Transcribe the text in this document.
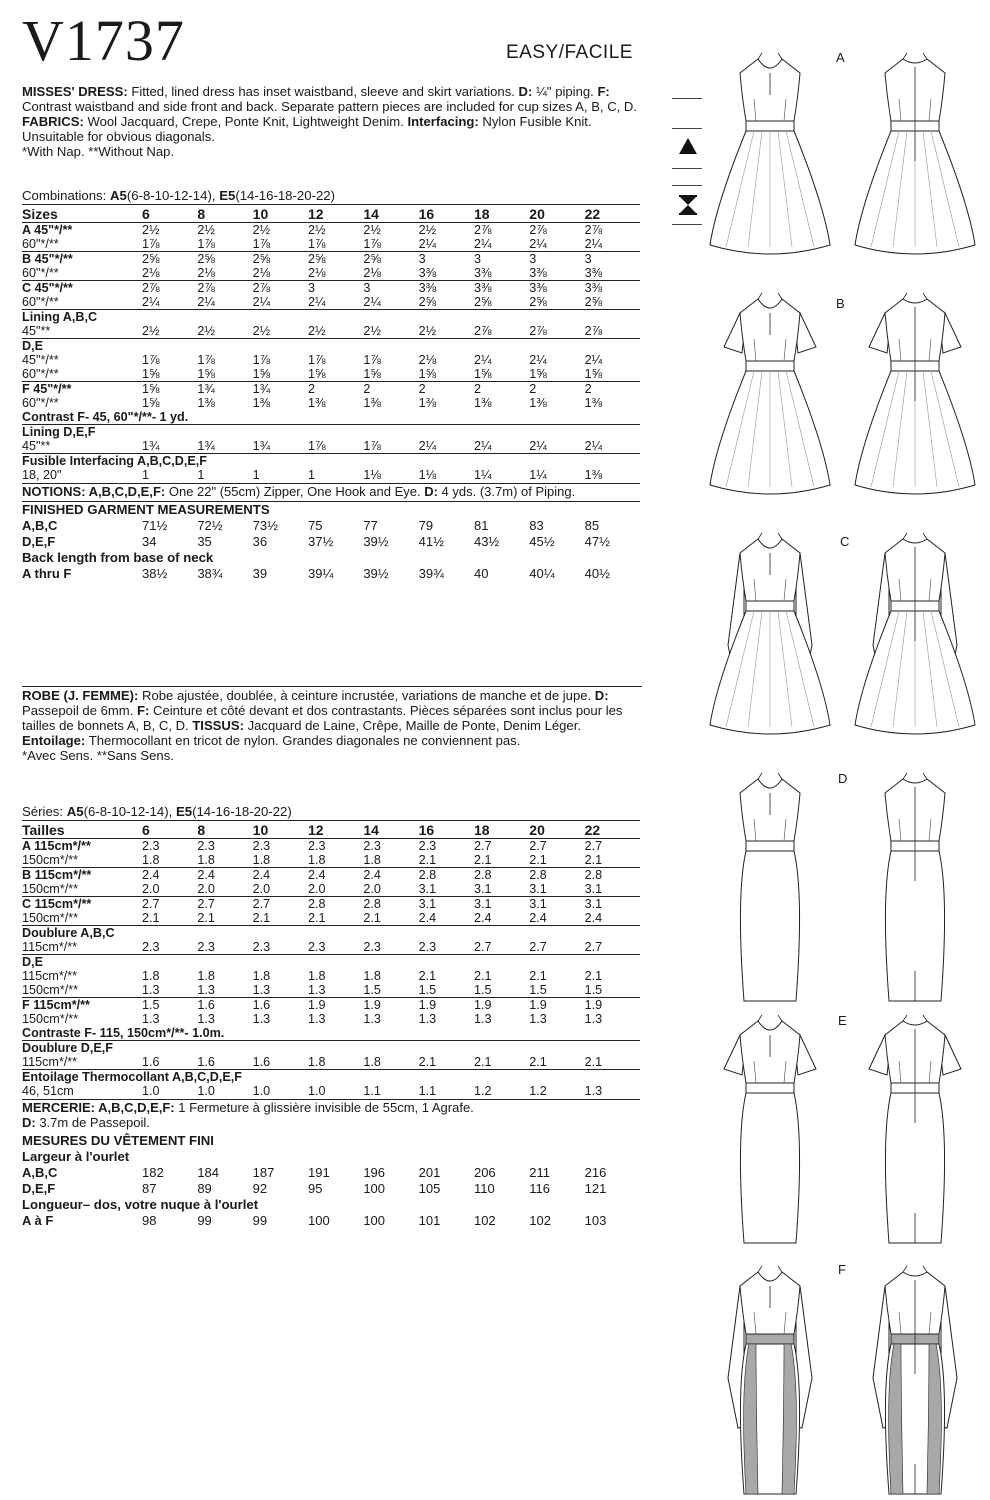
V1737	EASY/FACILE
MISSES' DRESS: Fitted, lined dress has inset waistband, sleeve and skirt variations. D: ¼" piping. F: Contrast waistband and side front and back. Separate pattern pieces are included for cup sizes A, B, C, D. FABRICS: Wool Jacquard, Crepe, Ponte Knit, Lightweight Denim. Interfacing: Nylon Fusible Knit. Unsuitable for obvious diagonals.
*With Nap. **Without Nap.
Combinations: A5(6-8-10-12-14), E5(14-16-18-20-22)
Sizes	6	8	10	12	14	16	18	20	22
A 45"*/**	2½	2½	2½	2½	2½	2½	2⅞	2⅞	2⅞
60"*/**	1⅞	1⅞	1⅞	1⅞	1⅞	2¼	2¼	2¼	2¼
B 45"*/**	2⅝	2⅝	2⅝	2⅝	2⅝	3	3	3	3
60"*/**	2⅛	2⅛	2⅛	2⅛	2⅛	3⅜	3⅜	3⅜	3⅜
C 45"*/**	2⅞	2⅞	2⅞	3	3	3⅜	3⅜	3⅜	3⅜
60"*/**	2¼	2¼	2¼	2¼	2¼	2⅝	2⅝	2⅝	2⅝
Lining A,B,C									
45"**	2½	2½	2½	2½	2½	2½	2⅞	2⅞	2⅞
D,E									
45"*/**	1⅞	1⅞	1⅞	1⅞	1⅞	2⅛	2¼	2¼	2¼
60"*/**	1⅝	1⅝	1⅝	1⅝	1⅝	1⅝	1⅝	1⅝	1⅝
F 45"*/**	1⅝	1¾	1¾	2	2	2	2	2	2
60"*/**	1⅝	1⅜	1⅜	1⅜	1⅜	1⅜	1⅜	1⅜	1⅜
Contrast F- 45, 60"*/**- 1 yd.									
Lining D,E,F									
45"**	1¾	1¾	1¾	1⅞	1⅞	2¼	2¼	2¼	2¼
Fusible Interfacing A,B,C,D,E,F									
18, 20"	1	1	1	1	1⅛	1⅛	1¼	1¼	1⅜
NOTIONS: A,B,C,D,E,F: One 22" (55cm) Zipper, One Hook and Eye. D: 4 yds. (3.7m) of Piping.
FINISHED GARMENT MEASUREMENTS
A,B,C	71½	72½	73½	75	77	79	81	83	85
D,E,F	34	35	36	37½	39½	41½	43½	45½	47½
Back length from base of neck
A thru F	38½	38¾	39	39¼	39½	39¾	40	40¼	40½
ROBE (J. FEMME): Robe ajustée, doublée, à ceinture incrustée, variations de manche et de jupe. D: Passepoil de 6mm. F: Ceinture et côté devant et dos contrastants. Pièces séparées sont inclus pour les tailles de bonnets A, B, C, D. TISSUS: Jacquard de Laine, Crêpe, Maille de Ponte, Denim Léger. Entoilage: Thermocollant en tricot de nylon. Grandes diagonales ne conviennent pas.
*Avec Sens. **Sans Sens.
Séries: A5(6-8-10-12-14), E5(14-16-18-20-22)
Tailles	6	8	10	12	14	16	18	20	22
A 115cm*/**	2.3	2.3	2.3	2.3	2.3	2.3	2.7	2.7	2.7
150cm*/**	1.8	1.8	1.8	1.8	1.8	2.1	2.1	2.1	2.1
B 115cm*/**	2.4	2.4	2.4	2.4	2.4	2.8	2.8	2.8	2.8
150cm*/**	2.0	2.0	2.0	2.0	2.0	3.1	3.1	3.1	3.1
C 115cm*/**	2.7	2.7	2.7	2.8	2.8	3.1	3.1	3.1	3.1
150cm*/**	2.1	2.1	2.1	2.1	2.1	2.4	2.4	2.4	2.4
Doublure A,B,C									
115cm*/**	2.3	2.3	2.3	2.3	2.3	2.3	2.7	2.7	2.7
D,E									
115cm*/**	1.8	1.8	1.8	1.8	1.8	2.1	2.1	2.1	2.1
150cm*/**	1.3	1.3	1.3	1.3	1.5	1.5	1.5	1.5	1.5
F 115cm*/**	1.5	1.6	1.6	1.9	1.9	1.9	1.9	1.9	1.9
150cm*/**	1.3	1.3	1.3	1.3	1.3	1.3	1.3	1.3	1.3
Contraste F- 115, 150cm*/**- 1.0m.									
Doublure D,E,F									
115cm*/**	1.6	1.6	1.6	1.8	1.8	2.1	2.1	2.1	2.1
Entoilage Thermocollant A,B,C,D,E,F									
46, 51cm	1.0	1.0	1.0	1.0	1.1	1.1	1.2	1.2	1.3
MERCERIE: A,B,C,D,E,F: 1 Fermeture à glissière invisible de 55cm, 1 Agrafe.
D: 3.7m de Passepoil.
MESURES DU VÊTEMENT FINI
Largeur à l'ourlet
A,B,C	182	184	187	191	196	201	206	211	216
D,E,F	87	89	92	95	100	105	110	116	121
Longueur– dos, votre nuque à l'ourlet
A à F	98	99	99	100	100	101	102	102	103
A
B
C
D
E
F
